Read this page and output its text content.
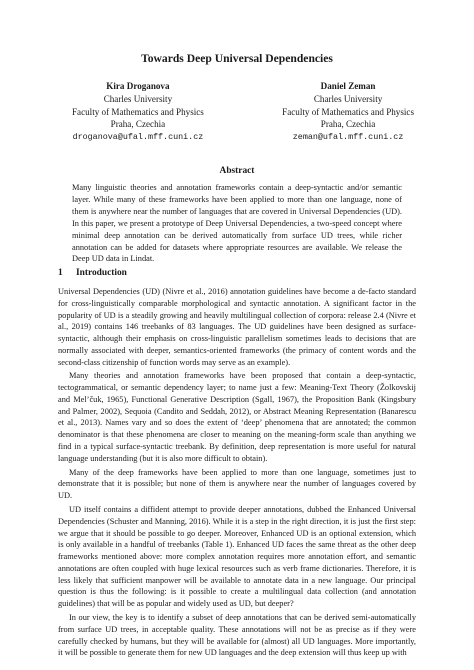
Towards Deep Universal Dependencies
Kira Droganova
Charles University
Faculty of Mathematics and Physics
Praha, Czechia
droganova@ufal.mff.cuni.cz
Daniel Zeman
Charles University
Faculty of Mathematics and Physics
Praha, Czechia
zeman@ufal.mff.cuni.cz
Abstract
Many linguistic theories and annotation frameworks contain a deep-syntactic and/or semantic layer. While many of these frameworks have been applied to more than one language, none of them is anywhere near the number of languages that are covered in Universal Dependencies (UD). In this paper, we present a prototype of Deep Universal Dependencies, a two-speed concept where minimal deep annotation can be derived automatically from surface UD trees, while richer annotation can be added for datasets where appropriate resources are available. We release the Deep UD data in Lindat.
1 Introduction

Universal Dependencies (UD) (Nivre et al., 2016) annotation guidelines have become a de-facto standard for cross-linguistically comparable morphological and syntactic annotation. A significant factor in the popularity of UD is a steadily growing and heavily multilingual collection of corpora: release 2.4 (Nivre et al., 2019) contains 146 treebanks of 83 languages. The UD guidelines have been designed as surface-syntactic, although their emphasis on cross-linguistic parallelism sometimes leads to decisions that are normally associated with deeper, semantics-oriented frameworks (the primacy of content words and the second-class citizenship of function words may serve as an example).

Many theories and annotation frameworks have been proposed that contain a deep-syntactic, tectogrammatical, or semantic dependency layer; to name just a few: Meaning-Text Theory (Žolkovskij and Mel’čuk, 1965), Functional Generative Description (Sgall, 1967), the Proposition Bank (Kingsbury and Palmer, 2002), Sequoia (Candito and Seddah, 2012), or Abstract Meaning Representation (Banarescu et al., 2013). Names vary and so does the extent of ‘deep’ phenomena that are annotated; the common denominator is that these phenomena are closer to meaning on the meaning-form scale than anything we find in a typical surface-syntactic treebank. By definition, deep representation is more useful for natural language understanding (but it is also more difficult to obtain).

Many of the deep frameworks have been applied to more than one language, sometimes just to demonstrate that it is possible; but none of them is anywhere near the number of languages covered by UD.

UD itself contains a diffident attempt to provide deeper annotations, dubbed the Enhanced Universal Dependencies (Schuster and Manning, 2016). While it is a step in the right direction, it is just the first step: we argue that it should be possible to go deeper. Moreover, Enhanced UD is an optional extension, which is only available in a handful of treebanks (Table 1). Enhanced UD faces the same threat as the other deep frameworks mentioned above: more complex annotation requires more annotation effort, and semantic annotations are often coupled with huge lexical resources such as verb frame dictionaries. Therefore, it is less likely that sufficient manpower will be available to annotate data in a new language. Our principal question is thus the following: is it possible to create a multilingual data collection (and annotation guidelines) that will be as popular and widely used as UD, but deeper?

In our view, the key is to identify a subset of deep annotations that can be derived semi-automatically from surface UD trees, in acceptable quality. These annotations will not be as precise as if they were carefully checked by humans, but they will be available for (almost) all UD languages. More importantly, it will be possible to generate them for new UD languages and the deep extension will thus keep up with
